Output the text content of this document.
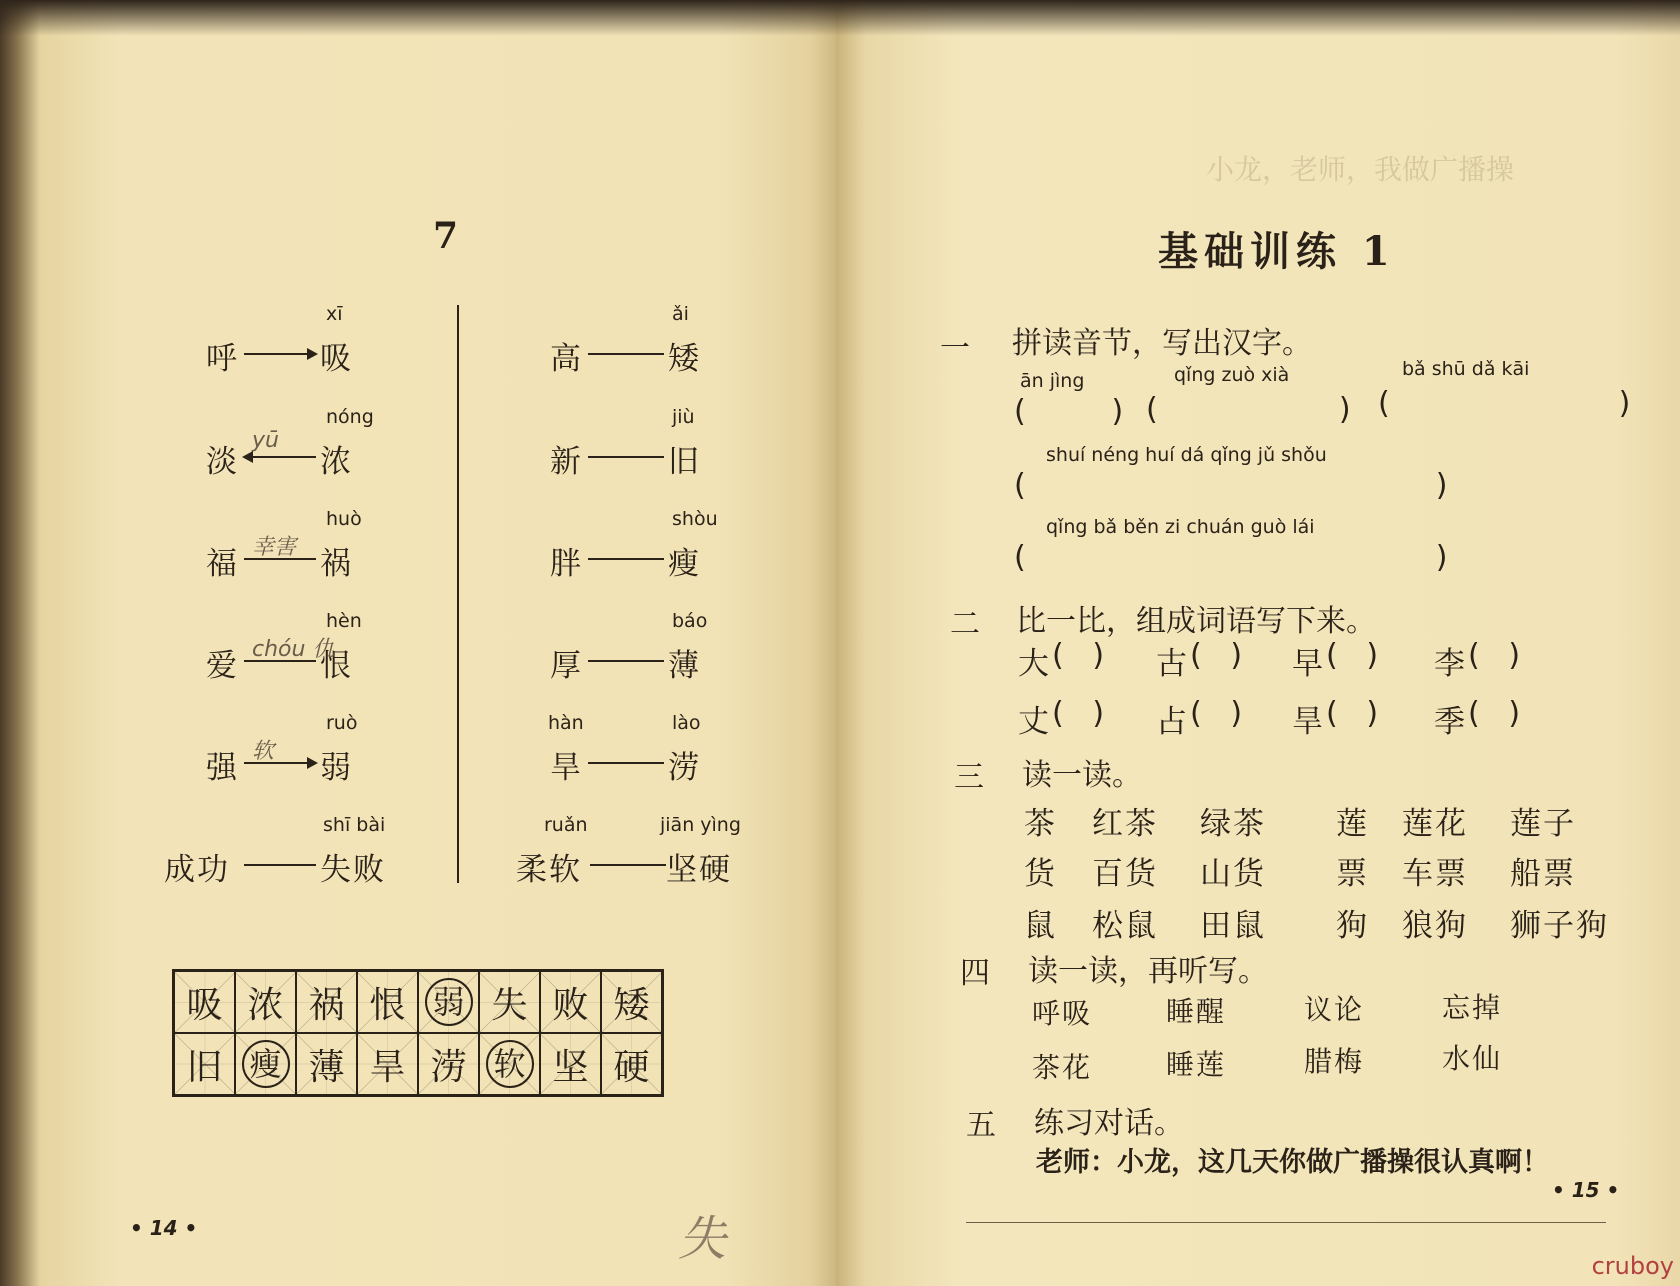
7
呼	吸
xī
淡	浓
nóng
yū
福	祸
huò
幸害
爱	恨
hèn
chóu 仇
强	弱
ruò
软
成功	失败
shī bài
高	矮
ǎi
新	旧
jiù
胖	瘦
shòu
厚	薄
báo
旱	涝
lào
hàn
柔软	坚硬
jiān yìng
ruǎn
吸	浓	祸	恨	弱	失	败	矮
旧	瘦	薄	旱	涝	软	坚	硬
• 14 •	失
小龙，老师，我做广播操
基础训练 1
一 拼读音节，写出汉字。
ān jìng	qǐng zuò xià	bǎ shū dǎ kāi
(         ) (                   ) (                        )
shuí néng huí dá qǐng jǔ shǒu
(                                           )
qǐng bǎ běn zi chuán guò lái
(                                           )
二 比一比，组成词语写下来。
大 (   ) 古 (   ) 早 (   ) 李 (   )
丈 (   ) 占 (   ) 旱 (   ) 季 (   )
三 读一读。
茶 红茶 绿茶 莲 莲花 莲子
货 百货 山货 票 车票 船票
鼠 松鼠 田鼠 狗 狼狗 狮子狗
四 读一读，再听写。
呼吸	睡醒	议论	忘掉
茶花	睡莲	腊梅	水仙
五 练习对话。
老师：小龙，这几天你做广播操很认真啊！
• 15 •
cruboy
